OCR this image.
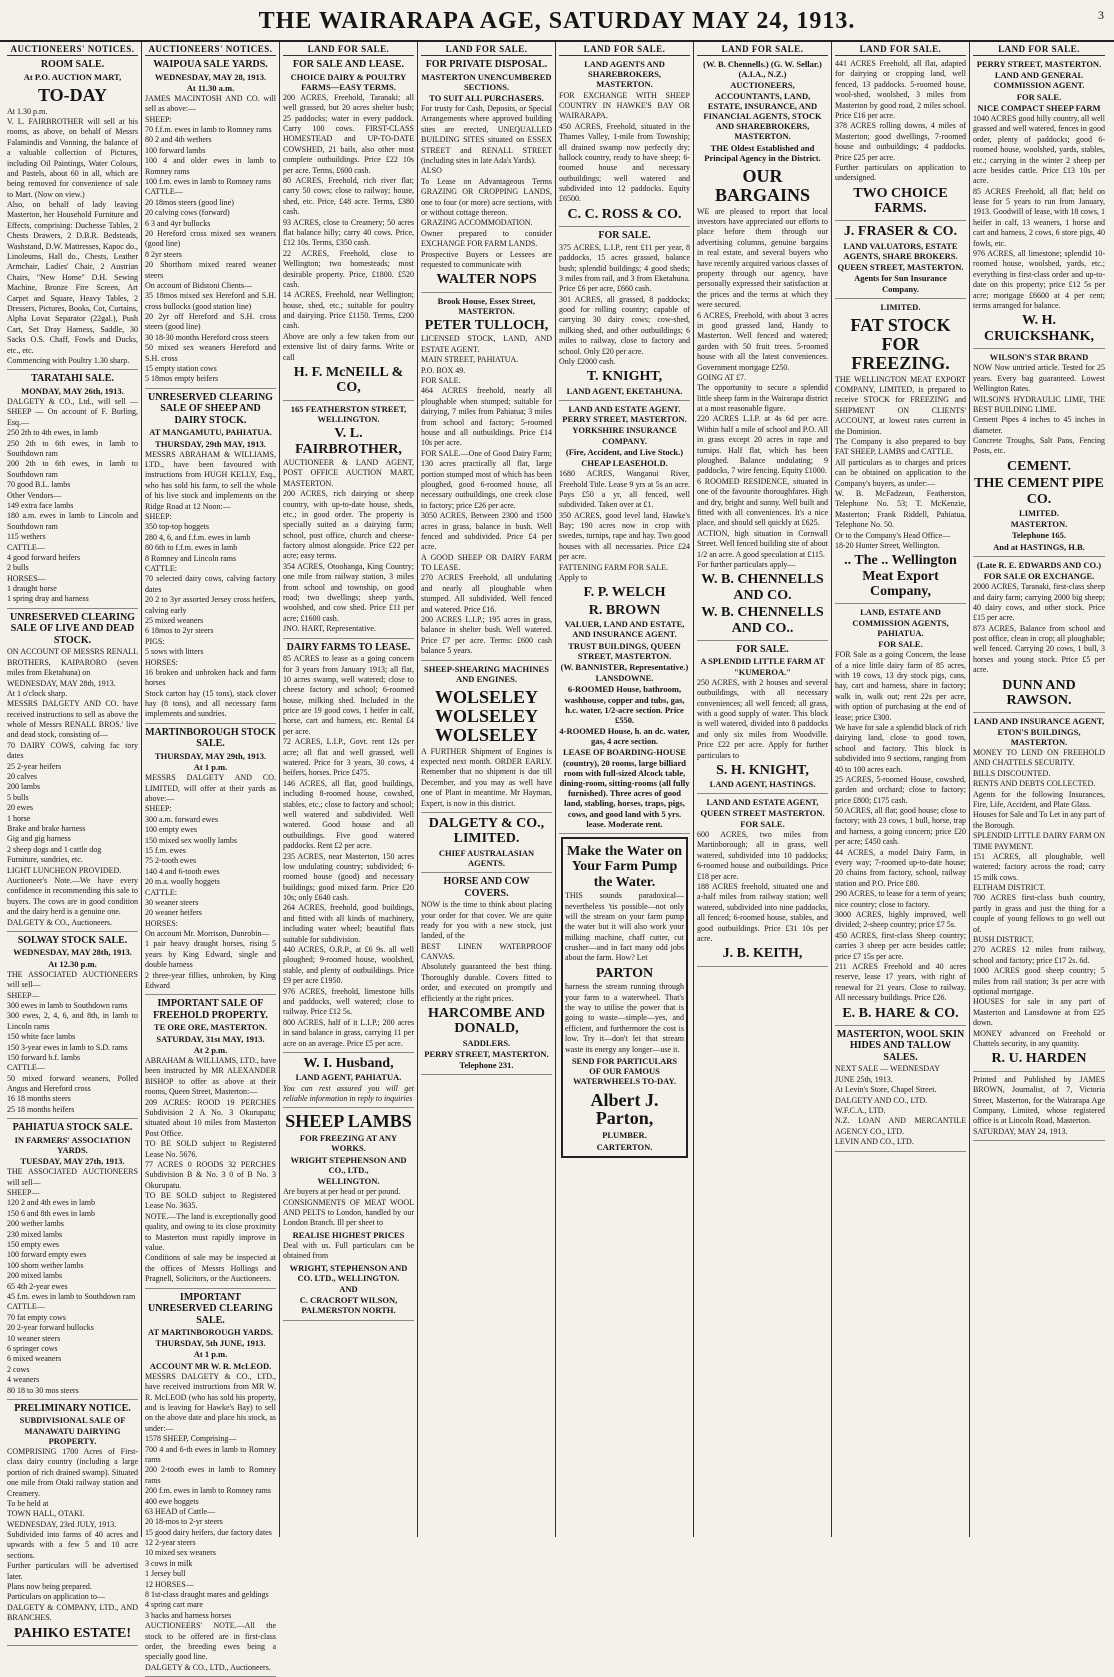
THE WAIRARAPA AGE, SATURDAY MAY 24, 1913.	3
AUCTIONEERS' NOTICES.
ROOM SALE.
At P.O. AUCTION MART,
TO-DAY

At 1.30 p.m.

V. L. FAIRBROTHER will sell at his rooms, as above, on behalf of Messrs Falamindis and Vonning, the balance of a valuable collection of Pictures, including Oil Paintings, Water Colours, and Pastels, about 60 in all, which are being removed for convenience of sale to Mart. (Now on view.)

Also, on behalf of lady leaving Masterton, her Household Furniture and Effects, comprising: Duchesse Tables, 2 Chests Drawers, 2 D.B.R. Bedsteads, Washstand, D.W. Mattresses, Kapoc do., Linoleums, Hall do., Chests, Leather Armchair, Ladies' Chair, 2 Austrian Chairs, "New Home" D.H. Sewing Machine, Bronze Fire Screen, Art Carpet and Square, Heavy Tables, 2 Dressers, Pictures, Books, Cot, Curtains, Alpha Lovat Separator (22gal.), Push Cart, Set Dray Harness, Saddle, 30 Sacks O.S. Chaff, Fowls and Ducks, etc., etc.

Commencing with Poultry 1.30 sharp.

TARATAHI SALE.
MONDAY, MAY 26th, 1913.

DALGETY & CO., Ltd., will sell — SHEEP — On account of F. Burling, Esq.—

250 2th to 4th ewes, in lamb

250 2th to 6th ewes, in lamb to Southdown ram

200 2th to 6th ewes, in lamb to Southdown ram

70 good B.L. lambs

Other Vendors—

149 extra face lambs

180 a.m. ewes in lamb to Lincoln and Southdown ram

115 wethers

CATTLE—

4 good forward heifers

2 bulls

HORSES—

1 draught horse

1 spring dray and harness

UNRESERVED CLEARING SALE OF LIVE AND DEAD STOCK.

ON ACCOUNT OF MESSRS RENALL BROTHERS, KAIPARORO (seven miles from Eketahuna) on

WEDNESDAY, MAY 28th, 1913.

At 1 o'clock sharp.

MESSRS DALGETY AND CO. have received instructions to sell as above the whole of Messrs RENALL BROS.' live and dead stock, consisting of—

70 DAIRY COWS, calving fac tory dates

25 2-year heifers

20 calves

200 lambs

5 bulls

20 ewes

1 horse

Brake and brake harness

Gig and gig harness

2 sheep dogs and 1 cattle dog

Furniture, sundries, etc.

LIGHT LUNCHEON PROVIDED.

Auctioneer's Note.—We have every confidence in recommending this sale to buyers. The cows are in good condition and the dairy herd is a genuine one.

DALGETY & CO., Auctioneers.

SOLWAY STOCK SALE.
WEDNESDAY, MAY 28th, 1913.
At 12.30 p.m.

THE ASSOCIATED AUCTIONEERS will sell—

SHEEP—

300 ewes in lamb to Southdown rams

300 ewes, 2, 4, 6, and 8th, in lamb to Lincoln rams

150 white face lambs

150 3-year ewes in lamb to S.D. rams

150 forward b.f. lambs

CATTLE—

50 mixed forward weaners, Polled Angus and Hereford cross

16 18 months steers

25 18 months heifers

PAHIATUA STOCK SALE.
IN FARMERS' ASSOCIATION YARDS.
TUESDAY, MAY 27th, 1913.

THE ASSOCIATED AUCTIONEERS will sell—

SHEEP—

120 2 and 4th ewes in lamb

150 6 and 8th ewes in lamb

200 wether lambs

230 mixed lambs

150 empty ewes

100 forward empty ewes

100 shorn wether lambs

200 mixed lambs

65 4th 2-year ewes

45 f.m. ewes in lamb to Southdown ram

CATTLE—

70 fat empty cows

20 2-year forward bullocks

10 weaner steers

6 springer cows

6 mixed weaners

2 cows

4 weaners

80 18 to 30 mos steers

PRELIMINARY NOTICE.
SUBDIVISIONAL SALE OF MANAWATU DAIRYING PROPERTY.

COMPRISING 1700 Acres of First-class dairy country (including a large portion of rich drained swamp). Situated one mile from Otaki railway station and Creamery.

To be held at

TOWN HALL, OTAKI.

WEDNESDAY, 23rd JULY, 1913.

Subdivided into farms of 40 acres and upwards with a few 5 and 10 acre sections.

Further particulars will be advertised later.

Plans now being prepared.

Particulars on application to—

DALGETY & COMPANY, LTD., AND BRANCHES.

PAHIKO ESTATE!
AUCTIONEERS' NOTICES.
WAIPOUA SALE YARDS.
WEDNESDAY, MAY 28, 1913.
At 11.30 a.m.

JAMES MACINTOSH AND CO. will sell as above:—

SHEEP:

70 f.f.m. ewes in lamb to Romney rams

80 2 and 4th wethers

100 forward lambs

100 4 and older ewes in lamb to Romney rams

100 f.m. ewes in lamb to Romney rams

CATTLE—

20 18mos steers (good line)

20 calving cows (forward)

6 3 and 4yr bullocks

20 Hereford cross mixed sex weaners (good line)

8 2yr steers

20 Shorthorn mixed reared weaner steers

On account of Bidstoni Clients—

35 18mos mixed sex Hereford and S.H. cross bullocks (good station line)

20 2yr off Hereford and S.H. cross steers (good line)

30 18-30 months Hereford cross steers

50 mixed sex weaners Hereford and S.H. cross

15 empty station cows

5 18mos empty heifers

UNRESERVED CLEARING SALE OF SHEEP AND DAIRY STOCK.
AT MANGAMUTU, PAHIATUA.
THURSDAY, 29th MAY, 1913.

MESSRS ABRAHAM & WILLIAMS, LTD., have been favoured with instructions from HUGH KELLY, Esq., who has sold his farm, to sell the whole of his live stock and implements on the Ridge Road at 12 Noon:—

SHEEP:

350 top-top hoggets

280 4, 6, and f.f.m. ewes in lamb

80 6th to f.f.m. ewes in lamb

8 Romney and Lincoln rams

CATTLE:

70 selected dairy cows, calving factory dates

20 2 to 3yr assorted Jersey cross heifers, calving early

25 mixed weaners

6 18mos to 2yr steers

PIGS:

5 sows with litters

HORSES:

16 broken and unbroken hack and farm horses

Stock carton hay (15 tons), stack clover hay (8 tons), and all necessary farm implements and sundries.

MARTINBOROUGH STOCK SALE.
THURSDAY, MAY 29th, 1913.
At 1 p.m.

MESSRS DALGETY AND CO. LIMITED, will offer at their yards as above:—

SHEEP:

300 a.m. forward ewes

100 empty ewes

150 mixed sex woolly lambs

15 f.m. ewes

75 2-tooth ewes

140 4 and 6-tooth ewes

20 m.a. woolly hoggets

CATTLE:

30 weaner steers

20 weaner heifers

HORSES:

On account Mr. Morrison, Dunrobin—

1 pair heavy draught horses, rising 5 years by King Edward, single and double harness

2 three-year fillies, unbroken, by King Edward

IMPORTANT SALE OF FREEHOLD PROPERTY.
TE ORE ORE, MASTERTON.
SATURDAY, 31st MAY, 1913.
At 2 p.m.

ABRAHAM & WILLIAMS, LTD., have been instructed by MR ALEXANDER BISHOP to offer as above at their rooms, Queen Street, Masterton:—

209 ACRES: ROOD 19 PERCHES Subdivision 2 A No. 3 Okurupatu; situated about 10 miles from Masterton Post Office.

TO BE SOLD subject to Registered Lease No. 5676.

77 ACRES 0 ROODS 32 PERCHES Subdivision B & No. 3 0 of B No. 3 Okurupatu.

TO BE SOLD subject to Registered Lease No. 3635.

NOTE.—The land is exceptionally good quality, and owing to its close proximity to Masterton must rapidly improve in value.

Conditions of sale may be inspected at the offices of Messrs Hollings and Pragnell, Solicitors, or the Auctioneers.

IMPORTANT UNRESERVED CLEARING SALE.
AT MARTINBOROUGH YARDS.
THURSDAY, 5th JUNE, 1913.
At 1 p.m.
ACCOUNT MR W. R. McLEOD.

MESSRS DALGETY & CO., LTD., have received instructions from MR W. R. McLEOD (who has sold his property, and is leaving for Hawke's Bay) to sell on the above date and place his stock, as under:—

1578 SHEEP, Comprising—

700 4 and 6-th ewes in lamb to Romney rams

200 2-tooth ewes in lamb to Romney rams

200 f.m. ewes in lamb to Romney rams

400 ewe hoggets

63 HEAD of Cattle—

20 18-mos to 2-yr steers

15 good dairy heifers, due factory dates

12 2-year steers

10 mixed sex weaners

3 cows in milk

1 Jersey bull

12 HORSES—

8 1st-class draught mares and geldings

4 spring cart mare

3 hacks and harness horses

AUCTIONEERS' NOTE.—All the stock to be offered are in first-class order, the breeding ewes being a specially good line.

DALGETY & CO., LTD., Auctioneers.

LAND FOR SALE.
FOR SALE AND LEASE.
CHOICE DAIRY & POULTRY FARMS—EASY TERMS.

200 ACRES, Freehold, Taranaki; all well grassed, but 20 acres shelter bush; 25 paddocks; water in every paddock. Carry 100 cows. FIRST-CLASS HOMESTEAD and UP-TO-DATE COWSHED, 21 bails, also other most complete outbuildings. Price £22 10s per acre. Terms, £600 cash.

80 ACRES, Freehold, rich river flat; carry 50 cows; close to railway; house, shed, etc. Price, £48 acre. Terms, £380 cash.

93 ACRES, close to Creamery; 50 acres flat balance hilly; carry 40 cows. Price, £12 10s. Terms, £350 cash.

22 ACRES, Freehold, close to Wellington; two homesteads; most desirable property. Price, £1800. £520 cash.

14 ACRES, Freehold, near Wellington; house, shed, etc.; suitable for poultry and dairying. Price £1150. Terms, £200 cash.

Above are only a few taken from our extensive list of dairy farms. Write or call

H. F. McNEILL & CO,
165 FEATHERSTON STREET, WELLINGTON.
V. L. FAIRBROTHER,

AUCTIONEER & LAND AGENT, POST OFFICE AUCTION MART, MASTERTON.

200 ACRES, rich dairying or sheep country, with up-to-date house, sheds, etc.; in good order. The property is specially suited as a dairying farm; school, post office, church and cheese-factory almost alongside. Price £22 per acre; easy terms.

354 ACRES, Otoohanga, King Country; one mile from railway station, 3 miles from school and township, on good road; two dwellings; sheep yards, woolshed, and cow shed. Price £11 per acre; £1600 cash.

JNO. HART, Representative.

DAIRY FARMS TO LEASE.

85 ACRES to lease as a going concern for 3 years from January 1913; all flat, 10 acres swamp, well watered; close to cheese factory and school; 6-roomed house, milking shed. Included in the price are 19 good cows, 1 heifer in calf, horse, cart and harness, etc. Rental £4 per acre.

72 ACRES, L.I.P., Govt. rent 12s per acre; all flat and well grassed, well watered. Price for 3 years, 30 cows, 4 heifers, horses. Price £475.

146 ACRES, all flat, good buildings, including 8-roomed house, cowshed, stables, etc.; close to factory and school; well watered and subdivided. Well watered. Good house and all outbuildings. Five good watered paddocks. Rent £2 per acre.

235 ACRES, near Masterton, 150 acres low undulating country; subdivided; 6-roomed house (good) and necessary buildings; good mixed farm. Price £20 10s; only £640 cash.

264 ACRES, freehold, good buildings, and fitted with all kinds of machinery, including water wheel; beautiful flats suitable for subdivision.

440 ACRES, O.R.P., at £6 9s. all well ploughed; 9-roomed house, woolshed, stable, and plenty of outbuildings. Price £9 per acre £1950.

976 ACRES, freehold, limestone hills and paddocks, well watered; close to railway. Price £12 5s.

800 ACRES, half of it L.I.P.; 200 acres in sand balance in grass, carrying 11 per acre on an average. Price £5 per acre.

W. I. Husband,
LAND AGENT, PAHIATUA.

You can rest assured you will get reliable information in reply to inquiries

SHEEP LAMBS
FOR FREEZING AT ANY WORKS.
WRIGHT STEPHENSON AND CO., LTD.,
WELLINGTON.

Are buyers at per head or per pound.

CONSIGNMENTS OF MEAT WOOL AND PELTS to London, handled by our London Branch. Ill per sheet to

REALISE HIGHEST PRICES

Deal with us. Full particulars can be obtained from

WRIGHT, STEPHENSON AND CO. LTD., WELLINGTON.
AND
C. CRACROFT WILSON, PALMERSTON NORTH.
LAND FOR SALE.
FOR PRIVATE DISPOSAL.
MASTERTON UNENCUMBERED SECTIONS.
TO SUIT ALL PURCHASERS.

For trusty for Cash, Deposits, or Special Arrangements where approved building sites are erected, UNEQUALLED BUILDING SITES situated on ESSEX STREET and RENALL STREET (including sites in late Ada's Yards).

ALSO

To Lease on Advantageous Terms GRAZING OR CROPPING LANDS, one to four (or more) acre sections, with or without cottage thereon.

GRAZING ACCOMMODATION.

Owner prepared to consider EXCHANGE FOR FARM LANDS.

Prospective Buyers or Lessees are requested to communicate with

WALTER NOPS
Brook House, Essex Street, MASTERTON.
PETER TULLOCH,

LICENSED STOCK, LAND, AND ESTATE AGENT.

MAIN STREET, PAHIATUA.

P.O. BOX 49.

FOR SALE.

464 ACRES freehold, nearly all ploughable when stumped; suitable for dairying, 7 miles from Pahiatua; 3 miles from school and factory; 5-roomed house and all outbuildings. Price £14 10s per acre.

FOR SALE.—One of Good Dairy Farm; 130 acres practically all flat, large portion stumped most of which has been ploughed, good 6-roomed house, all necessary outbuildings, one creek close to factory; price £26 per acre.

3050 ACRES, Between 2300 and 1500 acres in grass, balance in bush. Well fenced and subdivided. Price £4 per acre.

A GOOD SHEEP OR DAIRY FARM TO LEASE.

270 ACRES Freehold, all undulating and nearly all ploughable when stumped. All subdivided. Well fenced and watered. Price £16.

200 ACRES L.I.P.; 195 acres in grass, balance in shelter bush. Well watered. Price £7 per acre. Terms: £600 cash balance 5 years.

SHEEP-SHEARING MACHINES AND ENGINES.
WOLSELEY WOLSELEY WOLSELEY

A FURTHER Shipment of Engines is expected next month. ORDER EARLY. Remember that no shipment is due till December, and you may as well have one of Plant in meantime. Mr Hayman, Expert, is now in this district.

DALGETY & CO., LIMITED.
CHIEF AUSTRALASIAN AGENTS.
HORSE AND COW COVERS.

NOW is the time to think about placing your order for that cover. We are quite ready for you with a new stock, just landed, of the

BEST LINEN WATERPROOF CANVAS.

Absolutely guaranteed the best thing. Thoroughly durable. Covers fitted to order, and executed on promptly and efficiently at the right prices.

HARCOMBE AND DONALD,
SADDLERS.
PERRY STREET, MASTERTON.
Telephone 231.
LAND FOR SALE.
LAND AGENTS AND SHAREBROKERS, MASTERTON.

FOR EXCHANGE WITH SHEEP COUNTRY IN HAWKE'S BAY OR WAIRARAPA.

450 ACRES, Freehold, situated in the Thames Valley, 1-mile from Township; all drained swamp now perfectly dry; hallock country, ready to have sheep; 6-roomed house and necessary outbuildings; well watered and subdivided into 12 paddocks. Equity £6500.

C. C. ROSS & CO.
FOR SALE.

375 ACRES, L.I.P., rent £11 per year, 8 paddocks, 15 acres grassed, balance bush; splendid buildings; 4 good sheds; 3 miles from rail, and 3 from Eketahuna. Price £6 per acre, £660 cash.

301 ACRES, all grassed, 8 paddocks; good for rolling country; capable of carrying 30 dairy cows; cow-shed, milking shed, and other outbuildings; 6 miles to railway, close to factory and school. Only £20 per acre.

Only £2000 cash.

T. KNIGHT,
LAND AGENT, EKETAHUNA.
LAND AND ESTATE AGENT. PERRY STREET, MASTERTON.
YORKSHIRE INSURANCE COMPANY.
(Fire, Accident, and Live Stock.)
CHEAP LEASEHOLD.

1680 ACRES, Wanganui River, Freehold Title. Lease 9 yrs at 5s an acre. Pays £50 a yr, all fenced, well subdivided. Taken over at £1.

350 ACRES, good level land, Hawke's Bay; 190 acres now in crop with swedes, turnips, rape and hay. Two good houses with all necessaries. Price £24 per acre.

FATTENING FARM FOR SALE.

Apply to

F. P. WELCH
R. BROWN
VALUER, LAND AND ESTATE, AND INSURANCE AGENT.
TRUST BUILDINGS, QUEEN STREET, MASTERTON.
(W. BANNISTER, Representative.)
LANSDOWNE.
6-ROOMED House, bathroom, washhouse, copper and tubs, gas, h.c. water, 1/2-acre section. Price £550.
4-ROOMED House, h. an dc. water, gas, 4 acre section.
LEASE OF BOARDING-HOUSE (country), 20 rooms, large billiard room with full-sized Alcock table, dining-room, sitting-rooms (all fully furnished). Three acres of good land, stabling, horses, traps, pigs, cows, and good land with 5 yrs. lease. Moderate rent.
Make the Water on Your Farm Pump the Water.

THIS sounds paradoxical—nevertheless 'tis possible—not only will the stream on your farm pump the water but it will also work your milking machine, chaff cutter, cut crusher—and in fact many odd jobs about the farm. How? Let

PARTON

harness the stream running through your farm to a waterwheel. That's the way to utilise the power that is going to waste—simple—yes, and efficient, and furthermore the cost is low. Try it—don't let that stream waste its energy any longer—use it.

SEND FOR PARTICULARS OF OUR FAMOUS WATERWHEELS TO-DAY.
Albert J. Parton,
PLUMBER.
CARTERTON.
LAND FOR SALE.
(W. B. Chennells.) (G. W. Sellar.) (A.I.A., N.Z.)
AUCTIONEERS, ACCOUNTANTS, LAND, ESTATE, INSURANCE, AND FINANCIAL AGENTS, STOCK AND SHAREBROKERS, MASTERTON.
THE Oldest Established and Principal Agency in the District.
OUR BARGAINS

WE are pleased to report that local investors have appreciated our efforts to place before them through our advertising columns, genuine bargains in real estate, and several buyers who have recently acquired various classes of property through our agency, have personally expressed their satisfaction at the prices and the terms at which they were secured.

6 ACRES, Freehold, with about 3 acres in good grassed land, Handy to Masterton. Well fenced and watered; garden with 50 fruit trees. 5-roomed house with all the latest conveniences. Government mortgage £250.

GOING AT £7.

The opportunity to secure a splendid little sheep farm in the Wairarapa district at a most reasonable figure.

220 ACRES L.I.P. at 4s 6d per acre. Within half a mile of school and P.O. All in grass except 20 acres in rape and turnips. Half flat, which has been ploughed. Balance undulating; 9 paddocks, 7 wire fencing. Equity £1000.

6 ROOMED RESIDENCE, situated in one of the favourite thoroughfares. High and dry, bright and sunny. Well built and fitted with all conveniences. It's a nice place, and should sell quickly at £625.

ACTION, high situation in Cornwall Street. Well fenced building site of about 1/2 an acre. A good speculation at £115.

For further particulars apply—

W. B. CHENNELLS AND CO.
W. B. CHENNELLS AND CO..
FOR SALE.
A SPLENDID LITTLE FARM AT "KUMEROA."

250 ACRES, with 2 houses and several outbuildings, with all necessary conveniences; all well fenced; all grass, with a good supply of water. This block is well watered, divided into 8 paddocks and only six miles from Woodville. Price £22 per acre. Apply for further particulars to

S. H. KNIGHT,
LAND AGENT, HASTINGS.
LAND AND ESTATE AGENT, QUEEN STREET MASTERTON.
FOR SALE.

600 ACRES, two miles from Martinborough; all in grass, well watered, subdivided into 10 paddocks; 6-roomed house and outbuildings. Price £18 per acre.

188 ACRES freehold, situated one and a-half miles from railway station; well watered, subdivided into nine paddocks, all fenced; 6-roomed house, stables, and good outbuildings. Price £31 10s per acre.

J. B. KEITH,
LAND FOR SALE.

441 ACRES Freehold, all flat, adapted for dairying or cropping land, well fenced, 13 paddocks. 5-roomed house, wool-shed, woolshed, 3 miles from Masterton by good road, 2 miles school. Price £16 per acre.

378 ACRES rolling downs, 4 miles of Masterton; good dwellings, 7-roomed house and outbuildings; 4 paddocks. Price £25 per acre.

Further particulars on application to undersigned.

TWO CHOICE FARMS.
J. FRASER & CO.
LAND VALUATORS, ESTATE AGENTS, SHARE BROKERS.
QUEEN STREET, MASTERTON.
Agents for Sun Insurance Company.
LIMITED.
FAT STOCK FOR FREEZING.

THE WELLINGTON MEAT EXPORT COMPANY, LIMITED, is prepared to receive STOCK for FREEZING and SHIPMENT ON CLIENTS' ACCOUNT, at lowest rates current in the Dominion.

The Company is also prepared to buy FAT SHEEP, LAMBS and CATTLE.

All particulars as to charges and prices can be obtained on application to the Company's buyers, as under:—

W. B. McFadzean, Featherston, Telephone No. 53; T. McKenzie, Masterton; Frank Riddell, Pahiatua, Telephone No. 50.

Or to the Company's Head Office—

18-20 Hunter Street, Wellington.

.. The .. Wellington Meat Export Company,
LAND, ESTATE AND COMMISSION AGENTS, PAHIATUA.
FOR SALE.

FOR Sale as a going Concern, the lease of a nice little dairy farm of 85 acres, with 19 cows, 13 dry stock pigs, cans, hay, cart and harness, share in factory; walk in, walk out; rent 22s per acre, with option of purchasing at the end of lease; price £300.

We have for sale a splendid block of rich dairying land, close to good town, school and factory. This block is subdivided into 9 sections, ranging from 40 to 100 acres each.

25 ACRES, 5-roomed House, cowshed, garden and orchard; close to factory; price £800; £175 cash.

50 ACRES, all flat; good house; close to factory; with 23 cows, 1 bull, horse, trap and harness, a going concern; price £20 per acre; £450 cash.

44 ACRES, a model Dairy Farm, in every way; 7-roomed up-to-date house; 20 chains from factory, school, railway station and P.O. Price £80.

290 ACRES, to lease for a term of years; nice country; close to factory.

3000 ACRES, highly improved, well divided; 2-sheep country; price £7 5s.

450 ACRES, first-class Sheep country; carries 3 sheep per acre besides cattle; price £7 15s per acre.

211 ACRES Freehold and 40 acres reserve, lease 17 years, with right of renewal for 21 years. Close to railway. All necessary buildings. Price £26.

E. B. HARE & CO.
MASTERTON, WOOL SKIN HIDES AND TALLOW SALES.

NEXT SALE — WEDNESDAY

JUNE 25th, 1913.

At Levin's Store, Chapel Street.

DALGETY AND CO., LTD.

W.F.C.A., LTD.

N.Z. LOAN AND MERCANTILE AGENCY CO., LTD.

LEVIN AND CO., LTD.

LAND FOR SALE.
PERRY STREET, MASTERTON.
LAND AND GENERAL COMMISSION AGENT.
FOR SALE.
NICE COMPACT SHEEP FARM

1040 ACRES good hilly country, all well grassed and well watered, fences in good order, plenty of paddocks; good 6-roomed house, woolshed, yards, stables, etc.; carrying in the winter 2 sheep per acre besides cattle. Price £13 10s per acre.

85 ACRES Freehold, all flat; held on lease for 5 years to run from January, 1913. Goodwill of lease, with 18 cows, 1 heifer in calf, 13 weaners, 1 horse and cart and harness, 2 cows, 6 store pigs, 40 fowls, etc.

976 ACRES, all limestone; splendid 10-roomed house, woolshed, yards, etc.; everything in first-class order and up-to-date on this property; price £12 5s per acre; mortgage £6600 at 4 per cent; terms arranged for balance.

W. H. CRUICKSHANK,
WILSON'S STAR BRAND

NOW Now untried article. Tested for 25 years. Every bag guaranteed. Lowest Wellington Rates.

WILSON'S HYDRAULIC LIME, THE BEST BUILDING LIME.

Cement Pipes 4 inches to 45 inches in diameter.

Concrete Troughs, Salt Pans, Fencing Posts, etc.

CEMENT.
THE CEMENT PIPE CO.
LIMITED.
MASTERTON.
Telephone 165.
And at HASTINGS, H.B.
(Late R. E. EDWARDS AND CO.)
FOR SALE OR EXCHANGE.

2000 ACRES, Taranaki, first-class sheep and dairy farm; carrying 2000 big sheep; 40 dairy cows, and other stock. Price £15 per acre.

873 ACRES, Balance from school and post office, clean in crop; all ploughable; well fenced. Carrying 20 cows, 1 bull, 3 horses and young stock. Price £5 per acre.

DUNN AND RAWSON.
LAND AND INSURANCE AGENT, ETON'S BUILDINGS, MASTERTON.

MONEY TO LEND ON FREEHOLD AND CHATTELS SECURITY.

BILLS DISCOUNTED.

RENTS AND DEBTS COLLECTED.

Agents for the following Insurances, Fire, Life, Accident, and Plate Glass.

Houses for Sale and To Let in any part of the Borough.

SPLENDID LITTLE DAIRY FARM ON TIME PAYMENT.

151 ACRES, all ploughable, well watered; factory across the road; carry 15 milk cows.

ELTHAM DISTRICT.

700 ACRES first-class bush country, partly in grass and just the thing for a couple of young fellows to go well out of.

BUSH DISTRICT.

270 ACRES 12 miles from railway, school and factory; price £17 2s. 6d.

1000 ACRES good sheep country; 5 miles from rail station; 3s per acre with optional mortgage.

HOUSES for sale in any part of Masterton and Lansdowne at from £25 down.

MONEY advanced on Freehold or Chattels security, in any quantity.

R. U. HARDEN

Printed and Published by JAMES BROWN, Journalist, of 7, Victoria Street, Masterton, for the Wairarapa Age Company, Limited, whose registered office is at Lincoln Road, Masterton.

SATURDAY, MAY 24, 1913.
